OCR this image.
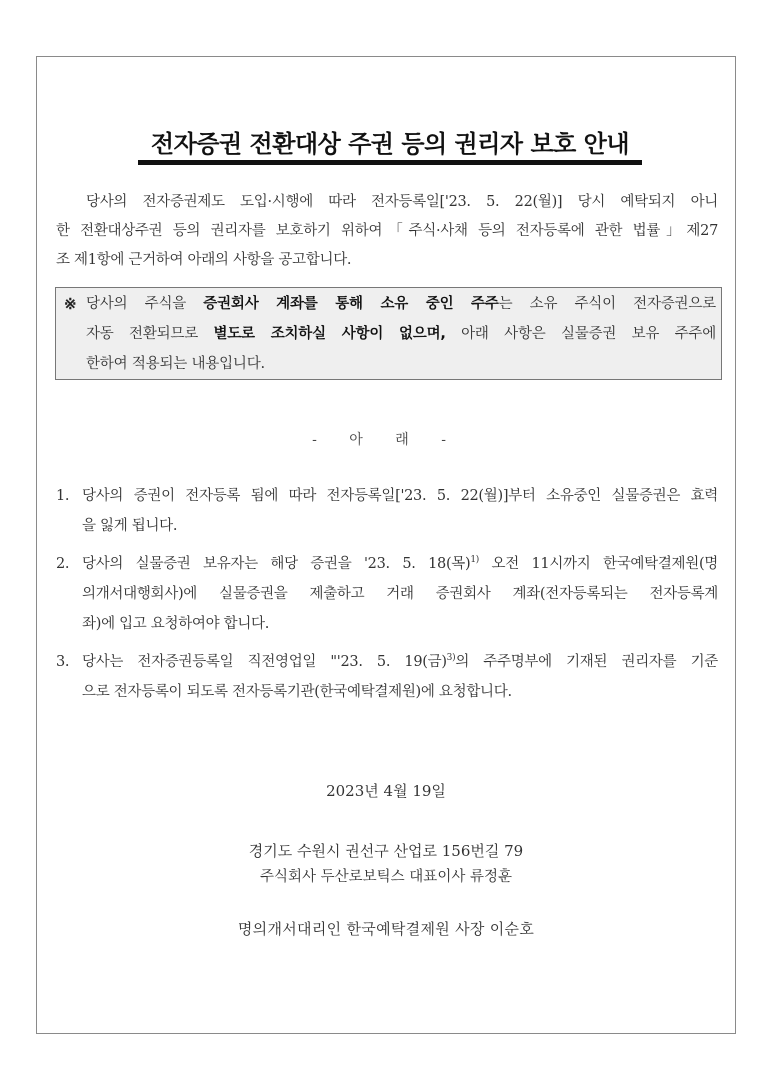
전자증권 전환대상 주권 등의 권리자 보호 안내
당사의 전자증권제도 도입·시행에 따라 전자등록일['23. 5. 22(월)] 당시 예탁되지 아니
한 전환대상주권 등의 권리자를 보호하기 위하여「주식·사채 등의 전자등록에 관한 법률」제27
조 제1항에 근거하여 아래의 사항을 공고합니다.
※ 당사의 주식을 증권회사 계좌를 통해 소유 중인 주주는 소유 주식이 전자증권으로
자동 전환되므로 별도로 조치하실 사항이 없으며, 아래 사항은 실물증권 보유 주주에
한하여 적용되는 내용입니다.
- 아 래 -
1. 당사의 증권이 전자등록 됨에 따라 전자등록일['23. 5. 22(월)]부터 소유중인 실물증권은 효력
을 잃게 됩니다.
2. 당사의 실물증권 보유자는 해당 증권을 '23. 5. 18(목)$^{1)}$ 오전 11시까지 한국예탁결제원(명
의개서대행회사)에 실물증권을 제출하고 거래 증권회사 계좌(전자등록되는 전자등록계
좌)에 입고 요청하여야 합니다.
3. 당사는 전자증권등록일 직전영업일 "'23. 5. 19(금)$^{3)}$의 주주명부에 기재된 권리자를 기준
으로 전자등록이 되도록 전자등록기관(한국예탁결제원)에 요청합니다.
2023년 4월 19일
경기도 수원시 권선구 산업로 156번길 79
주식회사 두산로보틱스 대표이사 류정훈
명의개서대리인 한국예탁결제원 사장 이순호
